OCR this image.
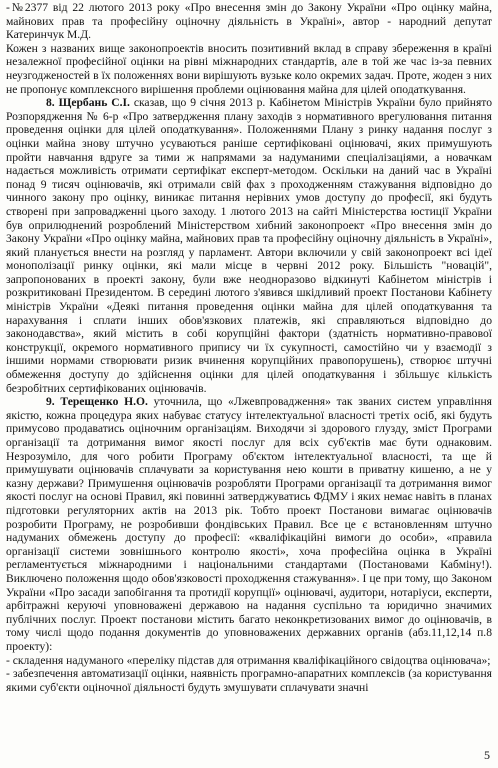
-№2377 від 22 лютого 2013 року «Про внесення змін до Закону України «Про оцінку майна, майнових прав та професійну оціночну діяльність в Україні», автор - народний депутат Катеринчук М.Д.

Кожен з названих вище законопроектів вносить позитивний вклад в справу збереження в країні незалежної професійної оцінки на рівні міжнародних стандартів, але в той же час із-за певних неузгодженостей в їх положеннях вони вирішують вузьке коло окремих задач. Проте, жоден з них не пропонує комплексного вирішення проблеми оцінювання майна для цілей оподаткування.

8. Щербань С.І. сказав, що 9 січня 2013 р. Кабінетом Міністрів України було прийнято Розпорядження № 6-р «Про затвердження плану заходів з нормативного врегулювання питання проведення оцінки для цілей оподаткування». Положеннями Плану з ринку надання послуг з оцінки майна знову штучно усуваються раніше сертифіковані оцінювачі, яких примушують пройти навчання вдруге за тими ж напрямами за надуманими спеціалізаціями, а новачкам надається можливість отримати сертифікат експерт-методом. Оскільки на даний час в Україні понад 9 тисяч оцінювачів, які отримали свій фах з проходженням стажування відповідно до чинного закону про оцінку, виникає питання нерівних умов доступу до професії, які будуть створені при запровадженні цього заходу. 1 лютого 2013 на сайті Міністерства юстиції України був оприлюднений розроблений Міністерством хибний законопроект «Про внесення змін до Закону України «Про оцінку майна, майнових прав та професійну оціночну діяльність в Україні», який планується внести на розгляд у парламент. Автори включили у свій законопроект всі ідеї монополізації ринку оцінки, які мали місце в червні 2012 року. Більшість "новацій", запропонованих в проекті закону, були вже неодноразово відкинуті Кабінетом міністрів і розкритиковані Президентом. В середині лютого з'явився шкідливий проект Постанови Кабінету міністрів України «Деякі питання проведення оцінки майна для цілей оподаткування та нарахування і сплати інших обов'язкових платежів, які справляються відповідно до законодавства», який містить в собі корупційні фактори (здатність нормативно-правової конструкції, окремого нормативного припису чи їх сукупності, самостійно чи у взаємодії з іншими нормами створювати ризик вчинення корупційних правопорушень), створює штучні обмеження доступу до здійснення оцінки для цілей оподаткування і збільшує кількість безробітних сертифікованих оцінювачів.

9. Терещенко Н.О. уточнила, що «Лжевпровадження» так званих систем управління якістю, кожна процедура яких набуває статусу інтелектуальної власності третіх осіб, які будуть примусово продаватись оціночним організаціям. Виходячи зі здорового глузду, зміст Програми організації та дотримання вимог якості послуг для всіх суб'єктів має бути однаковим. Незрозуміло, для чого робити Програму об'єктом інтелектуальної власності, та ще й примушувати оцінювачів сплачувати за користування нею кошти в приватну кишеню, а не у казну держави? Примушення оцінювачів розробляти Програми організації та дотримання вимог якості послуг на основі Правил, які повинні затверджуватись ФДМУ і яких немає навіть в планах підготовки регуляторних актів на 2013 рік. Тобто проект Постанови вимагає оцінювачів розробити Програму, не розробивши фондівських Правил. Все це є встановленням штучно надуманих обмежень доступу до професії: «кваліфікаційні вимоги до особи», «правила організації системи зовнішнього контролю якості», хоча професійна оцінка в Україні регламентується міжнародними і національними стандартами (Постановами Кабміну!). Виключено положення щодо обов'язковості проходження стажування». І це при тому, що Законом України «Про засади запобігання та протидії корупції» оцінювачі, аудитори, нотаріуси, експерти, арбітражні керуючі уповноважені державою на надання суспільно та юридично значимих публічних послуг. Проект постанови містить багато неконкретизованих вимог до оцінювачів, в тому числі щодо подання документів до уповноважених державних органів (абз.11,12,14 п.8 проекту):

- складення надуманого «переліку підстав для отримання кваліфікаційного свідоцтва оцінювача»;

- забезпечення автоматизації оцінки, наявність програмно-апаратних комплексів (за користування якими суб'єкти оціночної діяльності будуть змушувати сплачувати значні

5
